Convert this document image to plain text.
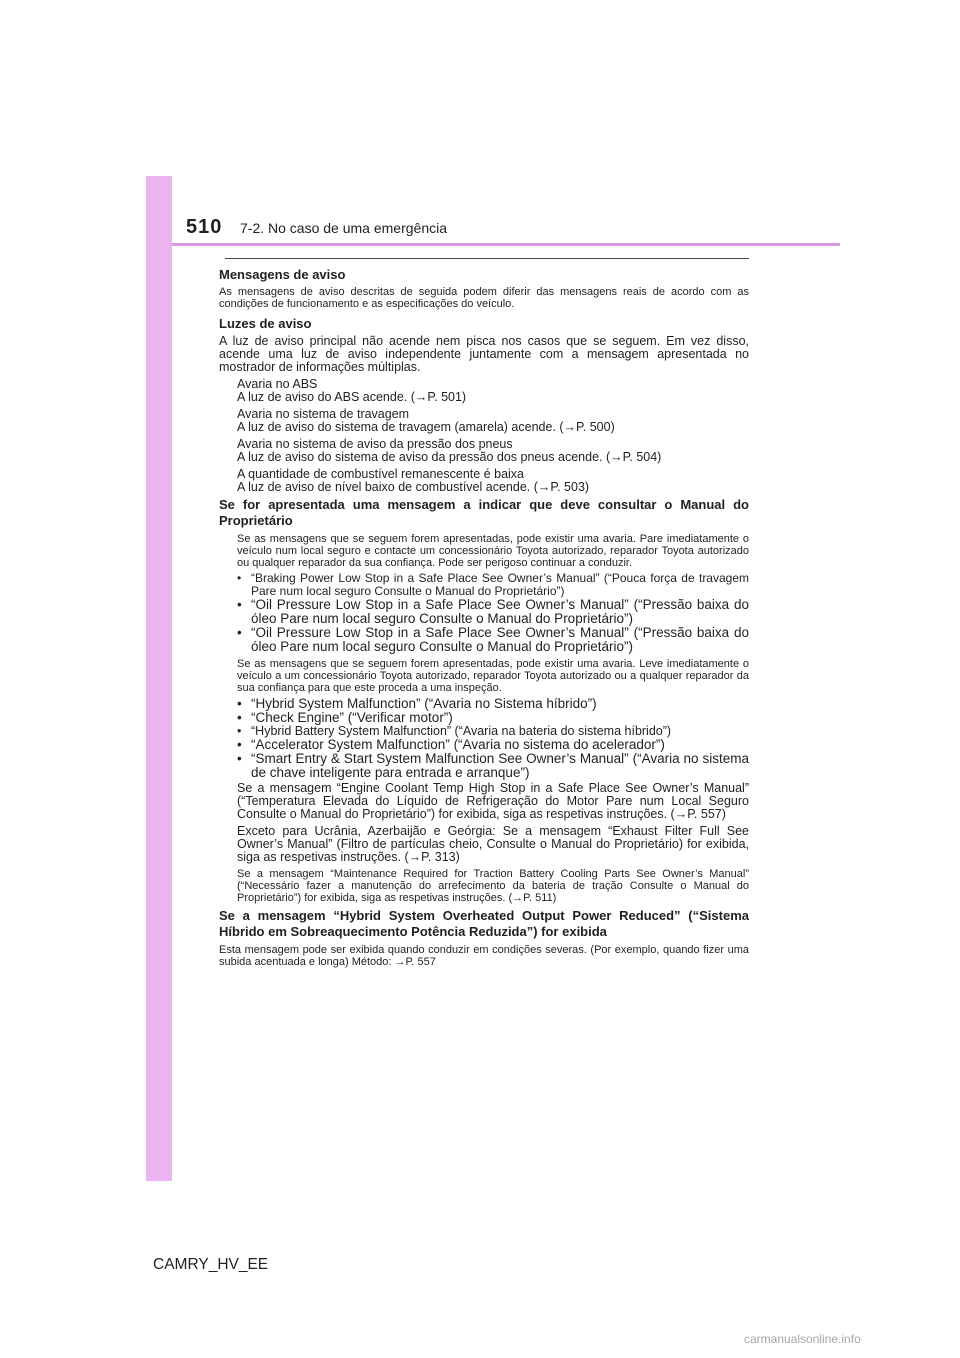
510 7-2. No caso de uma emergência
Mensagens de aviso

As mensagens de aviso descritas de seguida podem diferir das mensagens reais de acordo com as condições de funcionamento e as especificações do veículo.

Luzes de aviso

A luz de aviso principal não acende nem pisca nos casos que se seguem. Em vez disso, acende uma luz de aviso independente juntamente com a mensagem apresentada no mostrador de informações múltiplas.

Avaria no ABS
A luz de aviso do ABS acende. (→P. 501)
Avaria no sistema de travagem
A luz de aviso do sistema de travagem (amarela) acende. (→P. 500)
Avaria no sistema de aviso da pressão dos pneus
A luz de aviso do sistema de aviso da pressão dos pneus acende. (→P. 504)
A quantidade de combustível remanescente é baixa
A luz de aviso de nível baixo de combustível acende. (→P. 503)
Se for apresentada uma mensagem a indicar que deve consultar o Manual do Proprietário

Se as mensagens que se seguem forem apresentadas, pode existir uma avaria. Pare imediatamente o veículo num local seguro e contacte um concessionário Toyota autorizado, reparador Toyota autorizado ou qualquer reparador da sua confiança. Pode ser perigoso continuar a conduzir.

• “Braking Power Low Stop in a Safe Place See Owner’s Manual” (“Pouca força de travagem Pare num local seguro Consulte o Manual do Proprietário”)
• “Oil Pressure Low Stop in a Safe Place See Owner’s Manual” (“Pressão baixa do óleo Pare num local seguro Consulte o Manual do Proprietário”)
• “Oil Pressure Low Stop in a Safe Place See Owner’s Manual” (“Pressão baixa do óleo Pare num local seguro Consulte o Manual do Proprietário”)

Se as mensagens que se seguem forem apresentadas, pode existir uma avaria. Leve imediatamente o veículo a um concessionário Toyota autorizado, reparador Toyota autorizado ou a qualquer reparador da sua confiança para que este proceda a uma inspeção.

• “Hybrid System Malfunction” (“Avaria no Sistema híbrido”)
• “Check Engine” (“Verificar motor”)
• “Hybrid Battery System Malfunction” (“Avaria na bateria do sistema híbrido”)
• “Accelerator System Malfunction” (“Avaria no sistema do acelerador”)
• “Smart Entry & Start System Malfunction See Owner’s Manual” (“Avaria no sistema de chave inteligente para entrada e arranque”)

Se a mensagem “Engine Coolant Temp High Stop in a Safe Place See Owner’s Manual” (“Temperatura Elevada do Líquido de Refrigeração do Motor Pare num Local Seguro Consulte o Manual do Proprietário”) for exibida, siga as respetivas instruções. (→P. 557)

Exceto para Ucrânia, Azerbaijão e Geórgia: Se a mensagem “Exhaust Filter Full See Owner’s Manual” (Filtro de partículas cheio, Consulte o Manual do Proprietário) for exibida, siga as respetivas instruções. (→P. 313)

Se a mensagem “Maintenance Required for Traction Battery Cooling Parts See Owner’s Manual” (“Necessário fazer a manutenção do arrefecimento da bateria de tração Consulte o Manual do Proprietário”) for exibida, siga as respetivas instruções. (→P. 511)

Se a mensagem “Hybrid System Overheated Output Power Reduced” (“Sistema Híbrido em Sobreaquecimento Potência Reduzida”) for exibida

Esta mensagem pode ser exibida quando conduzir em condições severas. (Por exemplo, quando fizer uma subida acentuada e longa) Método: →P. 557

CAMRY_HV_EE
carmanualsonline.info
